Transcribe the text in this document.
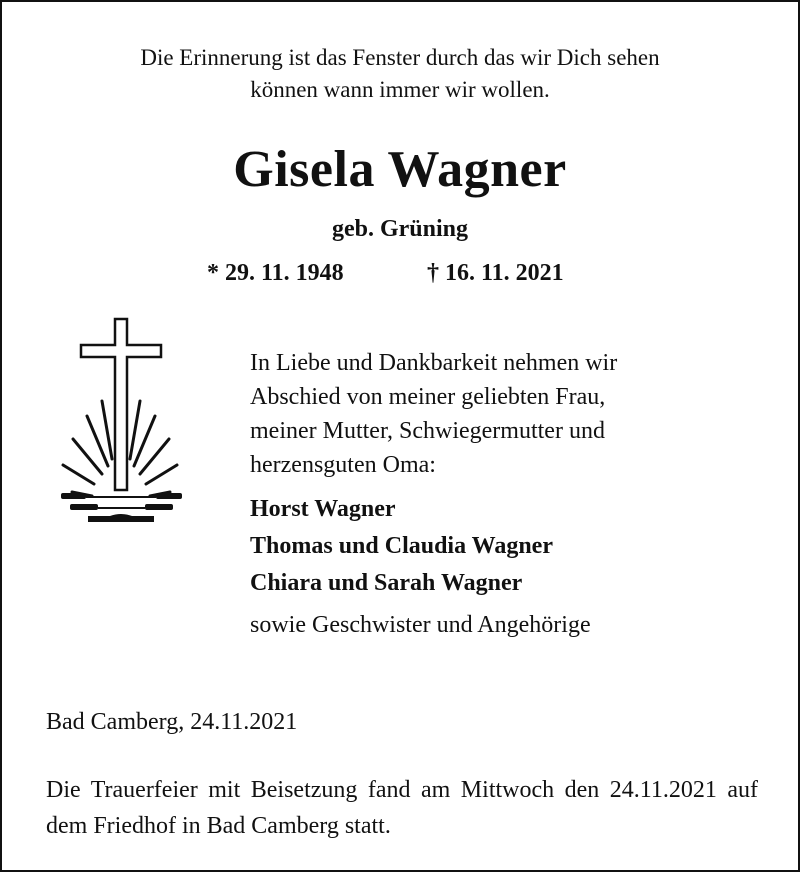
Die Erinnerung ist das Fenster durch das wir Dich sehen
können wann immer wir wollen.
Gisela Wagner
geb. Grüning
* 29. 11. 1948	† 16. 11. 2021
In Liebe und Dankbarkeit nehmen wir
Abschied von meiner geliebten Frau,
meiner Mutter, Schwiegermutter und
herzensguten Oma:
Horst Wagner
Thomas und Claudia Wagner
Chiara und Sarah Wagner
sowie Geschwister und Angehörige
Bad Camberg, 24.11.2021
Die Trauerfeier mit Beisetzung fand am Mittwoch den 24.11.2021 auf dem Friedhof in Bad Camberg statt.
